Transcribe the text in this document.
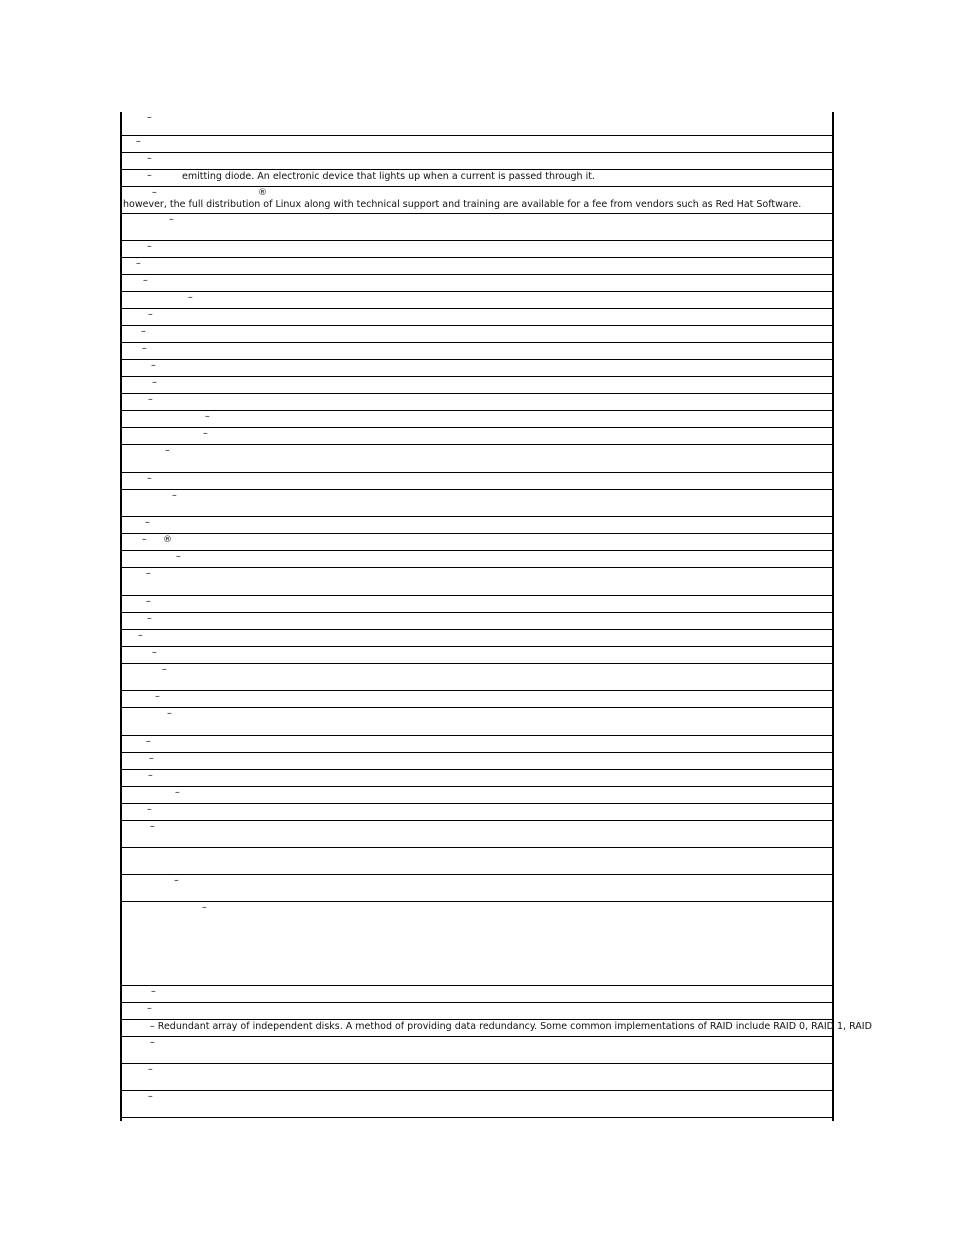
–
–
–
–	emitting diode. An electronic device that lights up when a current is passed through it.
–	®
however, the full distribution of Linux along with technical support and training are available for a fee from vendors such as Red Hat Software.
–
–
–
–
–
–
–
–
–
–
–
–
–
–
–
–
–
– ®
–
–
–
–
–
–
–
–
–
–
–
–
–
–
–
–
–
–
–
– Redundant array of independent disks. A method of providing data redundancy. Some common implementations of RAID include RAID 0, RAID 1, RAID
–
–
–
